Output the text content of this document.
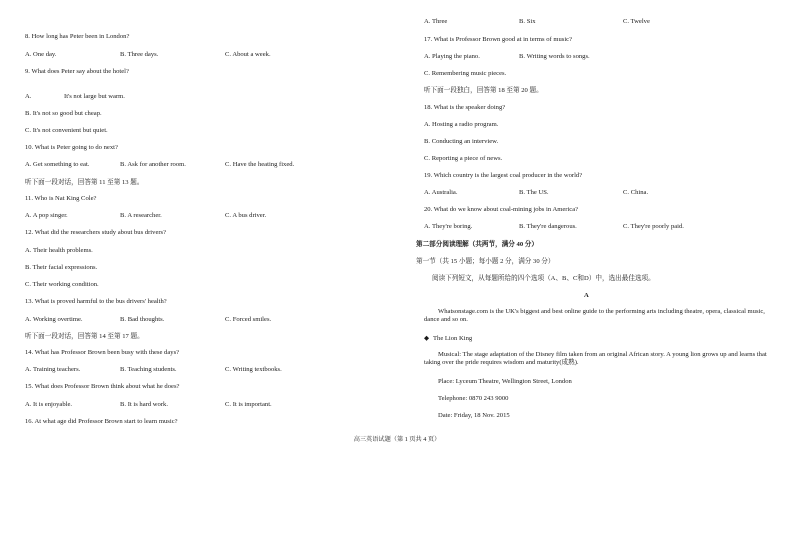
8. How long has Peter been in London?
A. One day.	B. Three days.	C. About a week.
9. What does Peter say about the hotel?
A.	It's not large but warm.
B. It's not so good but cheap.
C. It's not convenient but quiet.
10. What is Peter going to do next?
A. Get something to eat.	B. Ask for another room.	C. Have the heating fixed.
听下面一段对话，回答第 11 至第 13 题。
11. Who is Nat King Cole?
A. A pop singer.	B. A researcher.	C. A bus driver.
12. What did the researchers study about bus drivers?
A. Their health problems.
B. Their facial expressions.
C. Their working condition.
13. What is proved harmful to the bus drivers' health?
A. Working overtime.	B. Bad thoughts.	C. Forced smiles.
听下面一段对话，回答第 14 至第 17 题。
14. What has Professor Brown been busy with these days?
A. Training teachers.	B. Teaching students.	C. Writing textbooks.
15. What does Professor Brown think about what he does?
A. It is enjoyable.	B. It is hard work.	C. It is important.
16. At what age did Professor Brown start to learn music?
A. Three	B. Six	C. Twelve
17. What is Professor Brown good at in terms of music?
A. Playing the piano.	B. Writing words to songs.
C. Remembering music pieces.
听下面一段独白，回答第 18 至第 20 题。
18. What is the speaker doing?
A. Hosting a radio program.
B. Conducting an interview.
C. Reporting a piece of news.
19. Which country is the largest coal producer in the world?
A. Australia.	B. The US.	C. China.
20. What do we know about coal-mining jobs in America?
A. They're boring.	B. They're dangerous.	C. They're poorly paid.
第二部分阅读理解（共两节，满分 40 分）
第一节（共 15 小题；每小题 2 分，满分 30 分）
阅读下列短文，从每题所给的四个选项（A、B、C和D）中，选出最佳选项。
A
Whatsonstage.com is the UK's biggest and best online guide to the performing arts including theatre, opera, classical music, dance and so on.
◆ The Lion King
Musical: The stage adaptation of the Disney film taken from an original African story. A young lion grows up and learns that taking over the pride requires wisdom and maturity(成熟).
Place: Lyceum Theatre, Wellington Street, London
Telephone: 0870 243 9000
Date: Friday, 18 Nov. 2015
高三英语试题（第 1 页共 4 页）
